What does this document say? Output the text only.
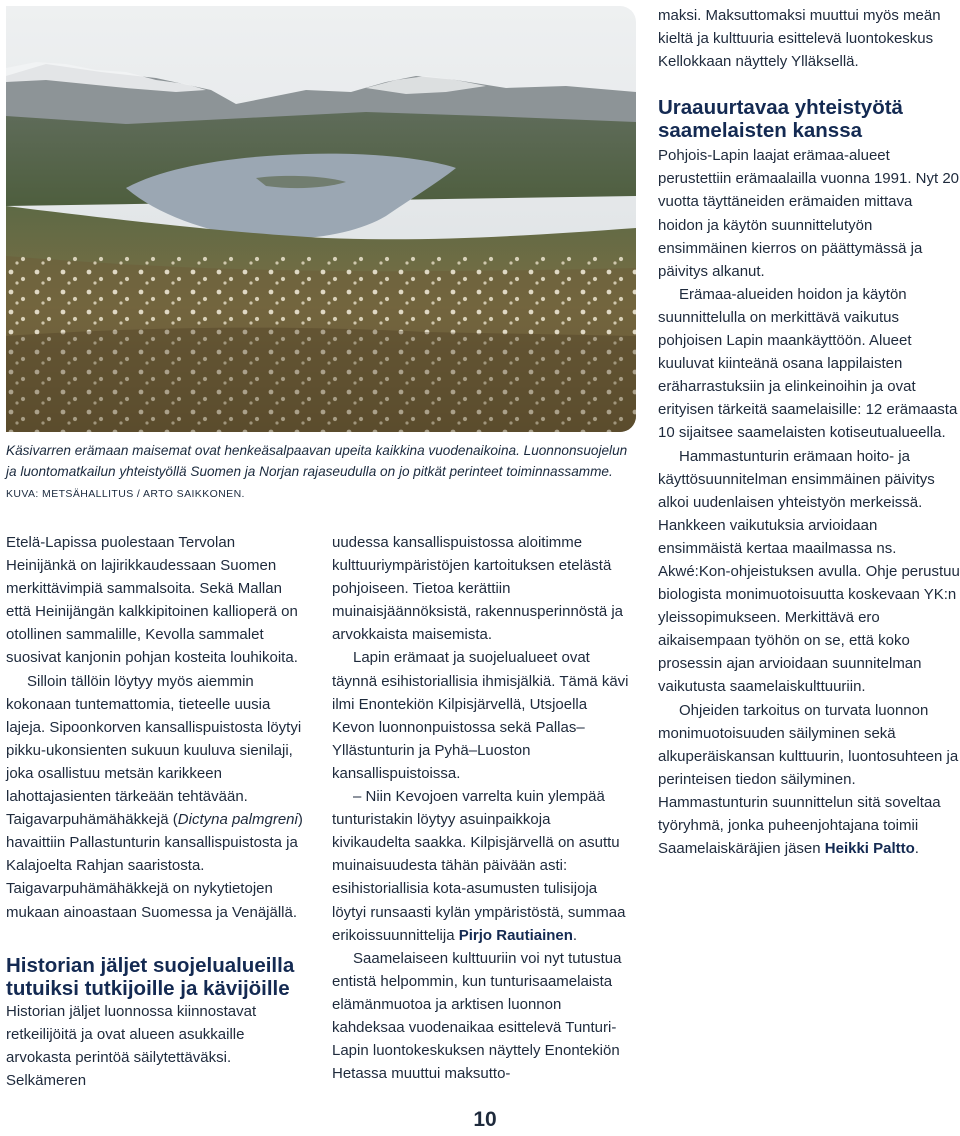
Käsivarren erämaan maisemat ovat henkeäsalpaavan upeita kaikkina vuodenaikoina. Luonnonsuojelun ja luontomatkailun yhteistyöllä Suomen ja Norjan rajaseudulla on jo pitkät perinteet toiminnassamme. KUVA: METSÄHALLITUS / ARTO SAIKKONEN.

Etelä-Lapissa puolestaan Tervolan Heinijänkä on lajirikkaudessaan Suomen merkittävimpiä sammalsoita. Sekä Mallan että Heinijängän kalkkipitoinen kallioperä on otollinen sammalille, Kevolla sammalet suosivat kanjonin pohjan kosteita louhikoita.

Silloin tällöin löytyy myös aiemmin kokonaan tuntemattomia, tieteelle uusia lajeja. Sipoonkorven kansallispuistosta löytyi pikku-ukonsienten sukuun kuuluva sienilaji, joka osallistuu metsän karikkeen lahottajasienten tärkeään tehtävään. Taigavarpuhämähäkkejä (Dictyna palmgreni) havaittiin Pallastunturin kansallispuistosta ja Kalajoelta Rahjan saaristosta. Taigavarpuhämähäkkejä on nykytietojen mukaan ainoastaan Suomessa ja Venäjällä.

Historian jäljet suojelualueilla tutuiksi tutkijoille ja kävijöille

Historian jäljet luonnossa kiinnostavat retkeilijöitä ja ovat alueen asukkaille arvokasta perintöä säilytettäväksi. Selkämeren

uudessa kansallispuistossa aloitimme kulttuuriympäristöjen kartoituksen etelästä pohjoiseen. Tietoa kerättiin muinaisjäännöksistä, rakennusperinnöstä ja arvokkaista maisemista.

Lapin erämaat ja suojelualueet ovat täynnä esihistoriallisia ihmisjälkiä. Tämä kävi ilmi Enontekiön Kilpisjärvellä, Utsjoella Kevon luonnonpuistossa sekä Pallas–Yllästunturin ja Pyhä–Luoston kansallispuistoissa.

– Niin Kevojoen varrelta kuin ylempää tunturistakin löytyy asuinpaikkoja kivikaudelta saakka. Kilpisjärvellä on asuttu muinaisuudesta tähän päivään asti: esihistoriallisia kota-asumusten tulisijoja löytyi runsaasti kylän ympäristöstä, summaa erikoissuunnittelija Pirjo Rautiainen.

Saamelaiseen kulttuuriin voi nyt tutustua entistä helpommin, kun tunturisaamelaista elämänmuotoa ja arktisen luonnon kahdeksaa vuodenaikaa esittelevä Tunturi-Lapin luontokeskuksen näyttely Enontekiön Hetassa muuttui maksutto-

maksi. Maksuttomaksi muuttui myös meän kieltä ja kulttuuria esittelevä luontokeskus Kellokkaan näyttely Ylläksellä.

Uraauurtavaa yhteistyötä saamelaisten kanssa

Pohjois-Lapin laajat erämaa-alueet perustettiin erämaalailla vuonna 1991. Nyt 20 vuotta täyttäneiden erämaiden mittava hoidon ja käytön suunnittelutyön ensimmäinen kierros on päättymässä ja päivitys alkanut.

Erämaa-alueiden hoidon ja käytön suunnittelulla on merkittävä vaikutus pohjoisen Lapin maankäyttöön. Alueet kuuluvat kiinteänä osana lappilaisten eräharrastuksiin ja elinkeinoihin ja ovat erityisen tärkeitä saamelaisille: 12 erämaasta 10 sijaitsee saamelaisten kotiseutualueella.

Hammastunturin erämaan hoito- ja käyttösuunnitelman ensimmäinen päivitys alkoi uudenlaisen yhteistyön merkeissä. Hankkeen vaikutuksia arvioidaan ensimmäistä kertaa maailmassa ns. Akwé:Kon-ohjeistuksen avulla. Ohje perustuu biologista monimuotoisuutta koskevaan YK:n yleissopimukseen. Merkittävä ero aikaisempaan työhön on se, että koko prosessin ajan arvioidaan suunnitelman vaikutusta saamelaiskulttuuriin.

Ohjeiden tarkoitus on turvata luonnon monimuotoisuuden säilyminen sekä alkuperäiskansan kulttuurin, luontosuhteen ja perinteisen tiedon säilyminen. Hammastunturin suunnittelun sitä soveltaa työryhmä, jonka puheenjohtajana toimii Saamelaiskäräjien jäsen Heikki Paltto.

10
